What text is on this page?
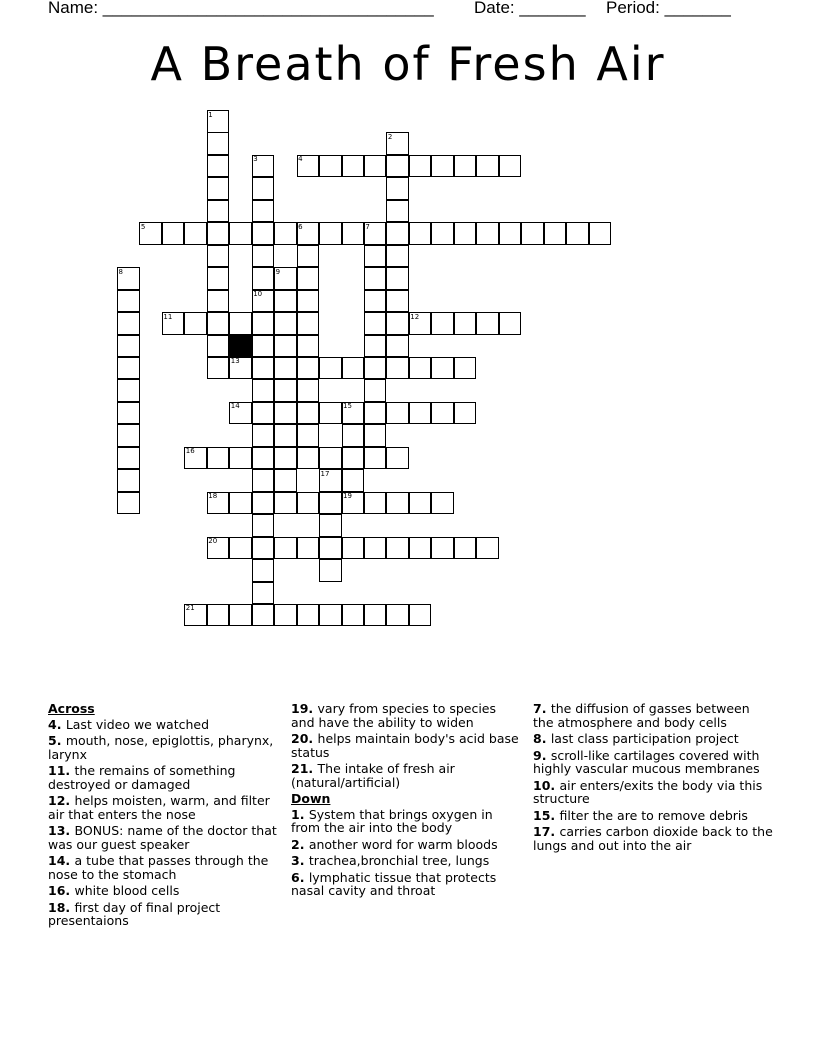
Name: ___________________________________ Date: _______ Period: _______
A Breath of Fresh Air
1
2
3	4
5	6	7
8	9
10
11	12
13
14	15
16
17
18	19
20
21
Across
4. Last video we watched
5. mouth, nose, epiglottis, pharynx, larynx
11. the remains of something destroyed or damaged
12. helps moisten, warm, and filter air that enters the nose
13. BONUS: name of the doctor that was our guest speaker
14. a tube that passes through the nose to the stomach
16. white blood cells
18. first day of final project presentaions
19. vary from species to species and have the ability to widen
20. helps maintain body's acid base status
21. The intake of fresh air (natural/artificial)
Down
1. System that brings oxygen in from the air into the body
2. another word for warm bloods
3. trachea,bronchial tree, lungs
6. lymphatic tissue that protects nasal cavity and throat
7. the diffusion of gasses between the atmosphere and body cells
8. last class participation project
9. scroll-like cartilages covered with highly vascular mucous membranes
10. air enters/exits the body via this structure
15. filter the are to remove debris
17. carries carbon dioxide back to the lungs and out into the air
